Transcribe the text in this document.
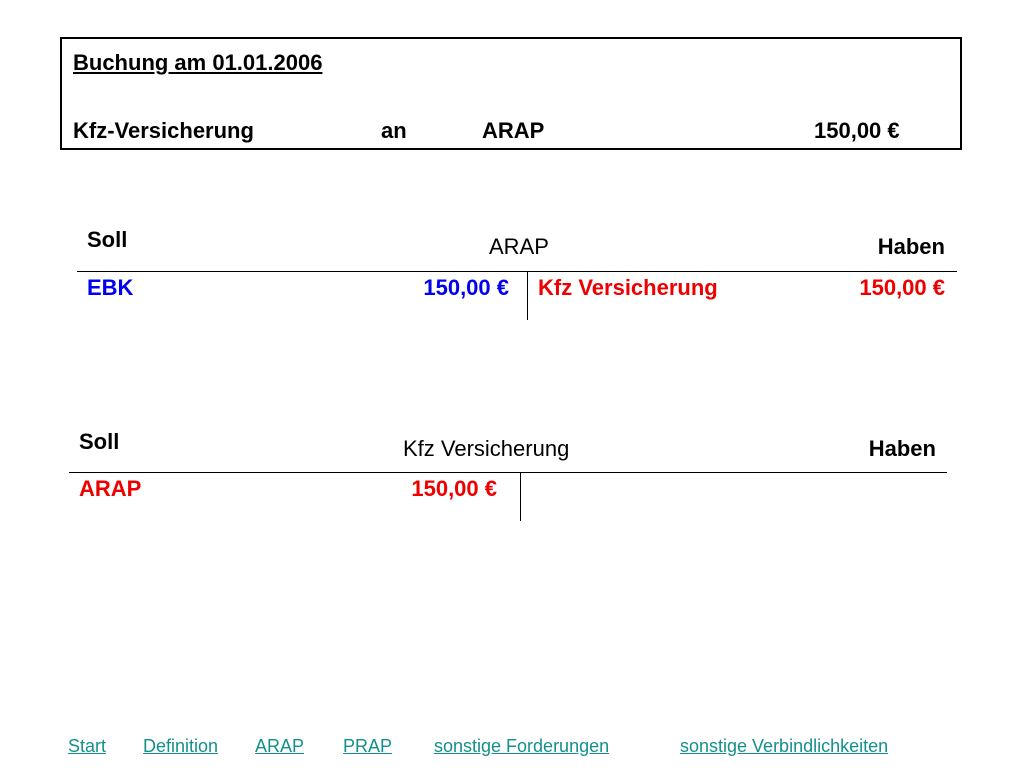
Buchung am 01.01.2006
Kfz-Versicherung	an	ARAP	150,00 €
Soll	ARAP	Haben
EBK	150,00 € Kfz Versicherung	150,00 €
Soll	Kfz Versicherung	Haben
ARAP	150,00 €
Start Definition ARAP PRAP sonstige Forderungen	sonstige Verbindlichkeiten
